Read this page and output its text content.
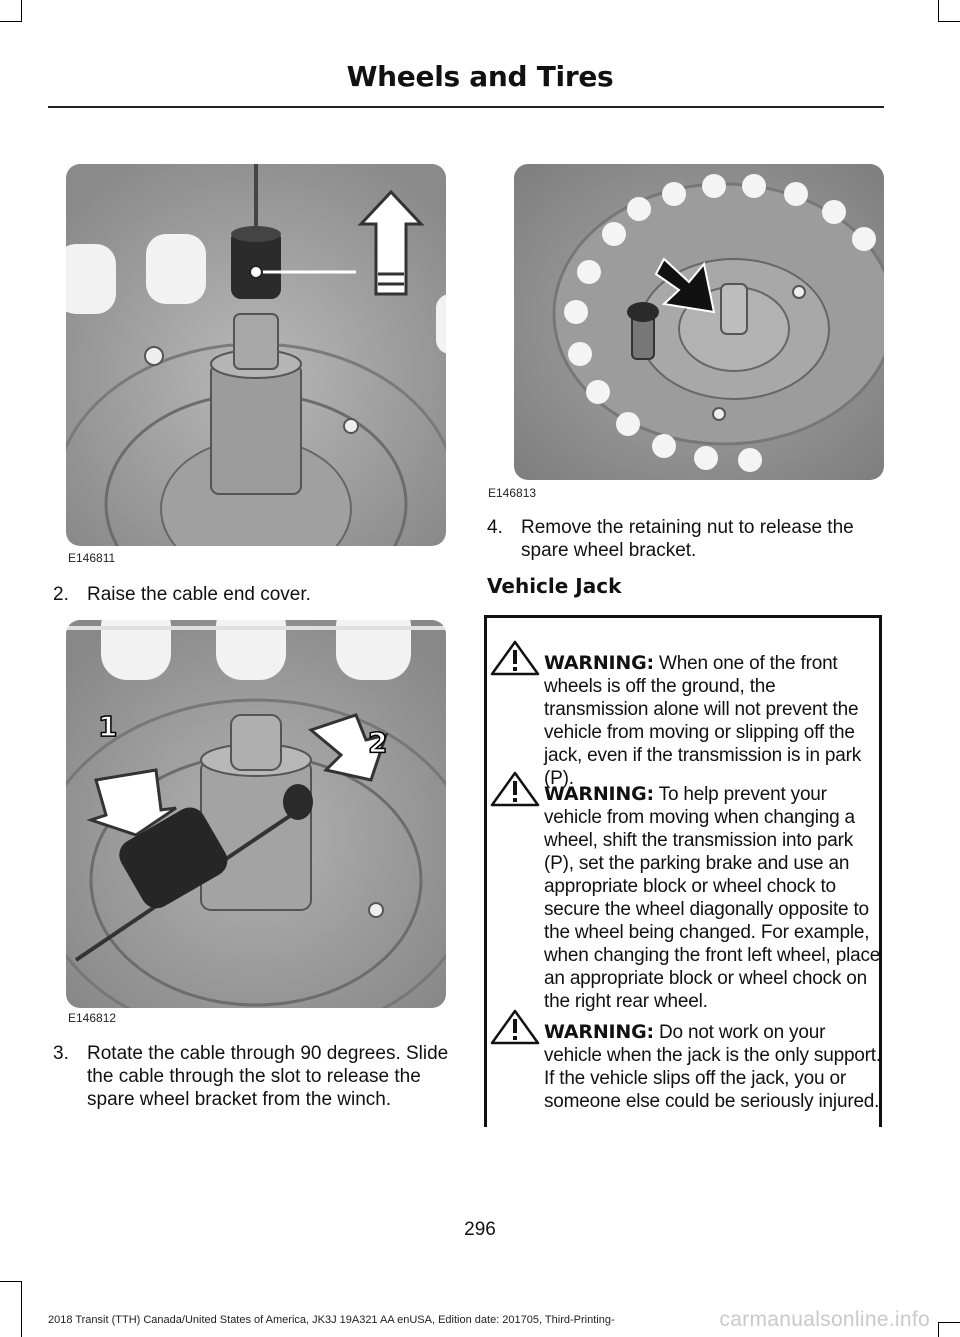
Wheels and Tires
E146811
2. Raise the cable end cover.
1	2
E146812
3. Rotate the cable through 90 degrees. Slide the cable through the slot to release the spare wheel bracket from the winch.
E146813
4. Remove the retaining nut to release the spare wheel bracket.
Vehicle Jack
WARNING: When one of the front wheels is off the ground, the transmission alone will not prevent the vehicle from moving or slipping off the jack, even if the transmission is in park (P).
WARNING: To help prevent your vehicle from moving when changing a wheel, shift the transmission into park (P), set the parking brake and use an appropriate block or wheel chock to secure the wheel diagonally opposite to the wheel being changed. For example, when changing the front left wheel, place an appropriate block or wheel chock on the right rear wheel.
WARNING: Do not work on your vehicle when the jack is the only support. If the vehicle slips off the jack, you or someone else could be seriously injured.
296
2018 Transit (TTH) Canada/United States of America, JK3J 19A321 AA enUSA, Edition date: 201705, Third-Printing-	carmanualsonline.info
